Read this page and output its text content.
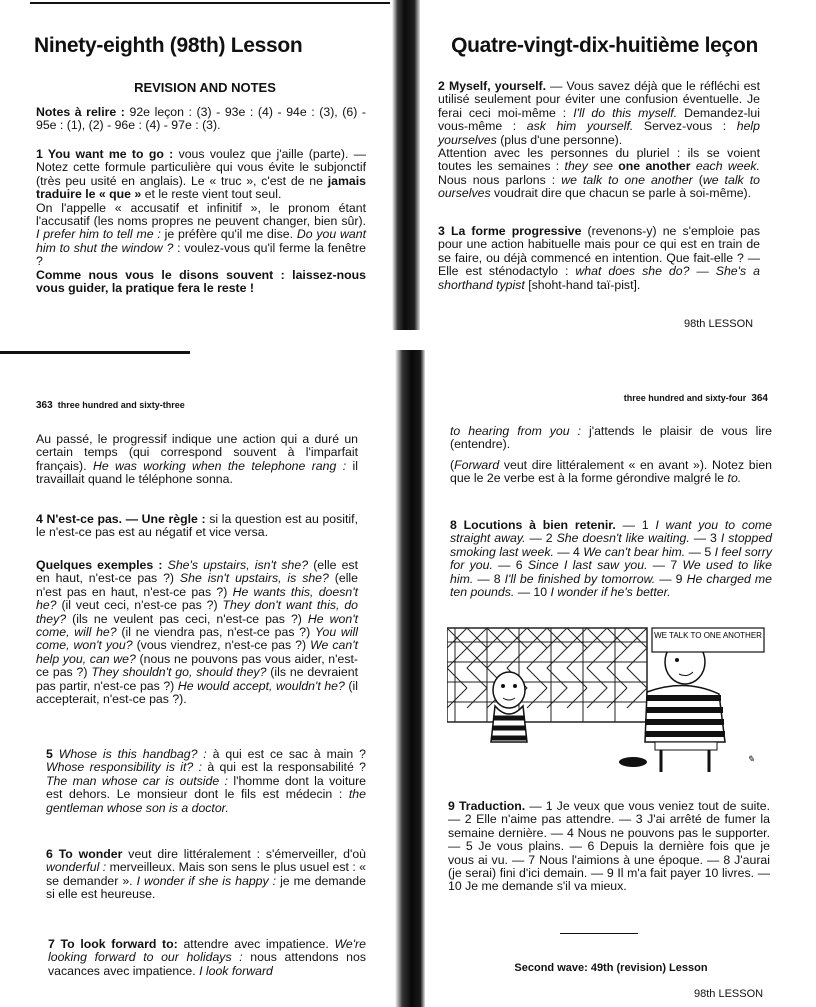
Ninety-eighth (98th) Lesson
REVISION AND NOTES
Notes à relire : 92e leçon : (3) - 93e : (4) - 94e : (3), (6) - 95e : (1), (2) - 96e : (4) - 97e : (3).
1 You want me to go : vous voulez que j'aille (parte). — Notez cette formule particulière qui vous évite le subjonctif (très peu usité en anglais). Le « truc », c'est de ne jamais traduire le « que » et le reste vient tout seul.
On l'appelle « accusatif et infinitif », le pronom étant l'accusatif (les noms propres ne peuvent changer, bien sûr). I prefer him to tell me : je préfère qu'il me dise. Do you want him to shut the window ? : voulez-vous qu'il ferme la fenêtre ?
Comme nous vous le disons souvent : laissez-nous vous guider, la pratique fera le reste !
Quatre-vingt-dix-huitième leçon
2 Myself, yourself. — Vous savez déjà que le réfléchi est utilisé seulement pour éviter une confusion éventuelle. Je ferai ceci moi-même : I'll do this myself. Demandez-lui vous-même : ask him yourself. Servez-vous : help yourselves (plus d'une personne).
Attention avec les personnes du pluriel : ils se voient toutes les semaines : they see one another each week. Nous nous parlons : we talk to one another (we talk to ourselves voudrait dire que chacun se parle à soi-même).
3 La forme progressive (revenons-y) ne s'emploie pas pour une action habituelle mais pour ce qui est en train de se faire, ou déjà commencé en intention. Que fait-elle ? — Elle est sténodactylo : what does she do? — She's a shorthand typist [shoht-hand taï-pist].
98th LESSON
363 three hundred and sixty-three
Au passé, le progressif indique une action qui a duré un certain temps (qui correspond souvent à l'imparfait français). He was working when the telephone rang : il travaillait quand le téléphone sonna.
4 N'est-ce pas. — Une règle : si la question est au positif, le n'est-ce pas est au négatif et vice versa.
Quelques exemples : She's upstairs, isn't she? (elle est en haut, n'est-ce pas ?) She isn't upstairs, is she? (elle n'est pas en haut, n'est-ce pas ?) He wants this, doesn't he? (il veut ceci, n'est-ce pas ?) They don't want this, do they? (ils ne veulent pas ceci, n'est-ce pas ?) He won't come, will he? (il ne viendra pas, n'est-ce pas ?) You will come, won't you? (vous viendrez, n'est-ce pas ?) We can't help you, can we? (nous ne pouvons pas vous aider, n'est-ce pas ?) They shouldn't go, should they? (ils ne devraient pas partir, n'est-ce pas ?) He would accept, wouldn't he? (il accepterait, n'est-ce pas ?).
5 Whose is this handbag? : à qui est ce sac à main ? Whose responsibility is it? : à qui est la responsabilité ? The man whose car is outside : l'homme dont la voiture est dehors. Le monsieur dont le fils est médecin : the gentleman whose son is a doctor.
6 To wonder veut dire littéralement : s'émerveiller, d'où wonderful : merveilleux. Mais son sens le plus usuel est : « se demander ». I wonder if she is happy : je me demande si elle est heureuse.
7 To look forward to: attendre avec impatience. We're looking forward to our holidays : nous attendons nos vacances avec impatience. I look forward
three hundred and sixty-four 364
to hearing from you : j'attends le plaisir de vous lire (entendre).
(Forward veut dire littéralement « en avant »). Notez bien que le 2e verbe est à la forme gérondive malgré le to.
8 Locutions à bien retenir. — 1 I want you to come straight away. — 2 She doesn't like waiting. — 3 I stopped smoking last week. — 4 We can't bear him. — 5 I feel sorry for you. — 6 Since I last saw you. — 7 We used to like him. — 8 I'll be finished by tomorrow. — 9 He charged me ten pounds. — 10 I wonder if he's better.
WE TALK TO ONE ANOTHER
✎
9 Traduction. — 1 Je veux que vous veniez tout de suite. — 2 Elle n'aime pas attendre. — 3 J'ai arrêté de fumer la semaine dernière. — 4 Nous ne pouvons pas le supporter. — 5 Je vous plains. — 6 Depuis la dernière fois que je vous ai vu. — 7 Nous l'aimions à une époque. — 8 J'aurai (je serai) fini d'ici demain. — 9 Il m'a fait payer 10 livres. — 10 Je me demande s'il va mieux.
Second wave: 49th (revision) Lesson
98th LESSON
